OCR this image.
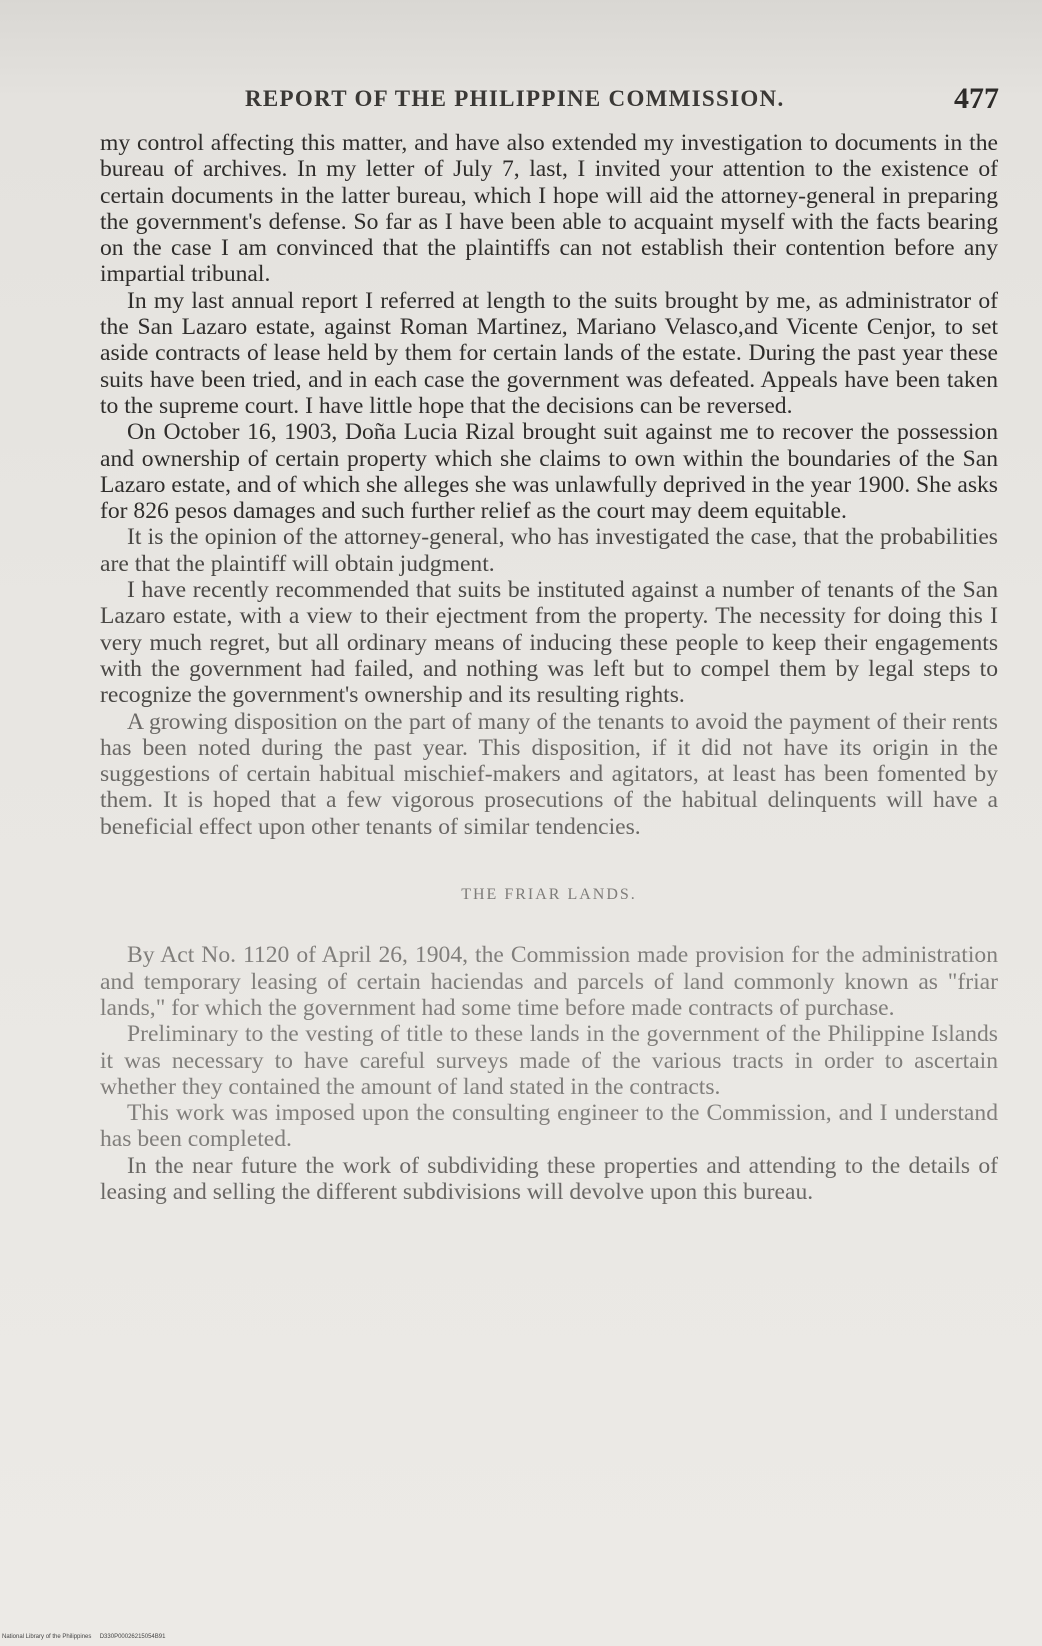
REPORT OF THE PHILIPPINE COMMISSION.	477

my control affecting this matter, and have also extended my investigation to documents in the bureau of archives. In my letter of July 7, last, I invited your attention to the existence of certain documents in the latter bureau, which I hope will aid the attorney-general in preparing the government's defense. So far as I have been able to acquaint myself with the facts bearing on the case I am convinced that the plaintiffs can not establish their contention before any impartial tribunal.

In my last annual report I referred at length to the suits brought by me, as administrator of the San Lazaro estate, against Roman Martinez, Mariano Velasco,and Vicente Cenjor, to set aside contracts of lease held by them for certain lands of the estate. During the past year these suits have been tried, and in each case the government was defeated. Appeals have been taken to the supreme court. I have little hope that the decisions can be reversed.

On October 16, 1903, Doña Lucia Rizal brought suit against me to recover the possession and ownership of certain property which she claims to own within the boundaries of the San Lazaro estate, and of which she alleges she was unlawfully deprived in the year 1900. She asks for 826 pesos damages and such further relief as the court may deem equitable.

It is the opinion of the attorney-general, who has investigated the case, that the probabilities are that the plaintiff will obtain judgment.

I have recently recommended that suits be instituted against a number of tenants of the San Lazaro estate, with a view to their ejectment from the property. The necessity for doing this I very much regret, but all ordinary means of inducing these people to keep their engagements with the government had failed, and nothing was left but to compel them by legal steps to recognize the government's ownership and its resulting rights.

A growing disposition on the part of many of the tenants to avoid the payment of their rents has been noted during the past year. This disposition, if it did not have its origin in the suggestions of certain habitual mischief-makers and agitators, at least has been fomented by them. It is hoped that a few vigorous prosecutions of the habitual delinquents will have a beneficial effect upon other tenants of similar tendencies.

THE FRIAR LANDS.

By Act No. 1120 of April 26, 1904, the Commission made provision for the administration and temporary leasing of certain haciendas and parcels of land commonly known as "friar lands," for which the government had some time before made contracts of purchase.

Preliminary to the vesting of title to these lands in the government of the Philippine Islands it was necessary to have careful surveys made of the various tracts in order to ascertain whether they contained the amount of land stated in the contracts.

This work was imposed upon the consulting engineer to the Commission, and I understand has been completed.

In the near future the work of subdividing these properties and attending to the details of leasing and selling the different subdivisions will devolve upon this bureau.

National Library of the Philippines     D330P00026215054B91
